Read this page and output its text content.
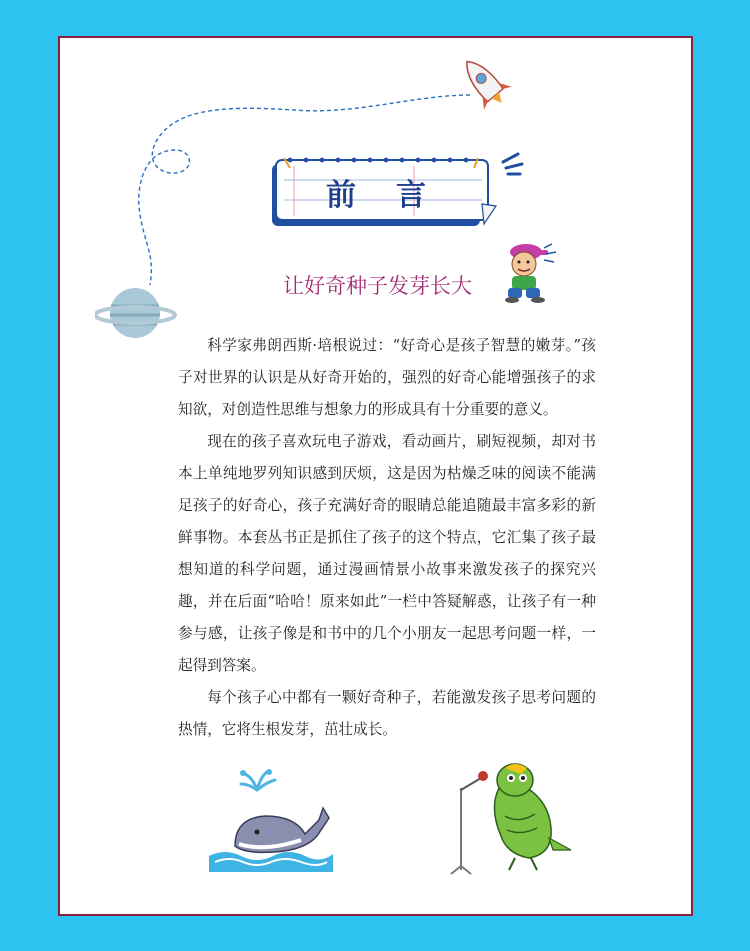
前 言
让好奇种子发芽长大

科学家弗朗西斯·培根说过：“好奇心是孩子智慧的嫩芽。”孩子对世界的认识是从好奇开始的，强烈的好奇心能增强孩子的求知欲，对创造性思维与想象力的形成具有十分重要的意义。

现在的孩子喜欢玩电子游戏，看动画片，刷短视频，却对书本上单纯地罗列知识感到厌烦，这是因为枯燥乏味的阅读不能满足孩子的好奇心，孩子充满好奇的眼睛总能追随最丰富多彩的新鲜事物。本套丛书正是抓住了孩子的这个特点，它汇集了孩子最想知道的科学问题，通过漫画情景小故事来激发孩子的探究兴趣，并在后面“哈哈！原来如此”一栏中答疑解惑，让孩子有一种参与感，让孩子像是和书中的几个小朋友一起思考问题一样，一起得到答案。

每个孩子心中都有一颗好奇种子，若能激发孩子思考问题的热情，它将生根发芽，茁壮成长。
